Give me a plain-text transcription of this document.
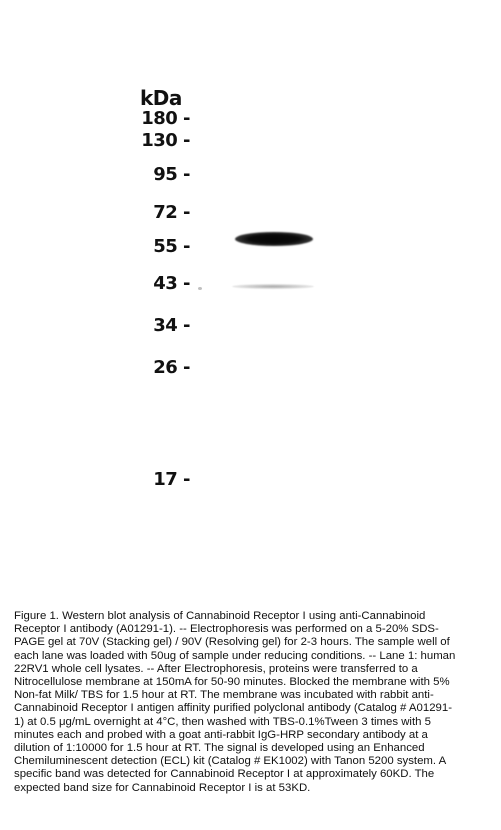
kDa
180 -
130 -
95 -
72 -
55 -
43 -
34 -
26 -
17 -
Figure 1. Western blot analysis of Cannabinoid Receptor I using anti-Cannabinoid Receptor I antibody (A01291-1). -- Electrophoresis was performed on a 5-20% SDS-PAGE gel at 70V (Stacking gel) / 90V (Resolving gel) for 2-3 hours. The sample well of each lane was loaded with 50ug of sample under reducing conditions. -- Lane 1: human 22RV1 whole cell lysates. -- After Electrophoresis, proteins were transferred to a Nitrocellulose membrane at 150mA for 50-90 minutes. Blocked the membrane with 5% Non-fat Milk/ TBS for 1.5 hour at RT. The membrane was incubated with rabbit anti-Cannabinoid Receptor I antigen affinity purified polyclonal antibody (Catalog # A01291-1) at 0.5 μg/mL overnight at 4°C, then washed with TBS-0.1%Tween 3 times with 5 minutes each and probed with a goat anti-rabbit IgG-HRP secondary antibody at a dilution of 1:10000 for 1.5 hour at RT. The signal is developed using an Enhanced Chemiluminescent detection (ECL) kit (Catalog # EK1002) with Tanon 5200 system. A specific band was detected for Cannabinoid Receptor I at approximately 60KD. The expected band size for Cannabinoid Receptor I is at 53KD.
